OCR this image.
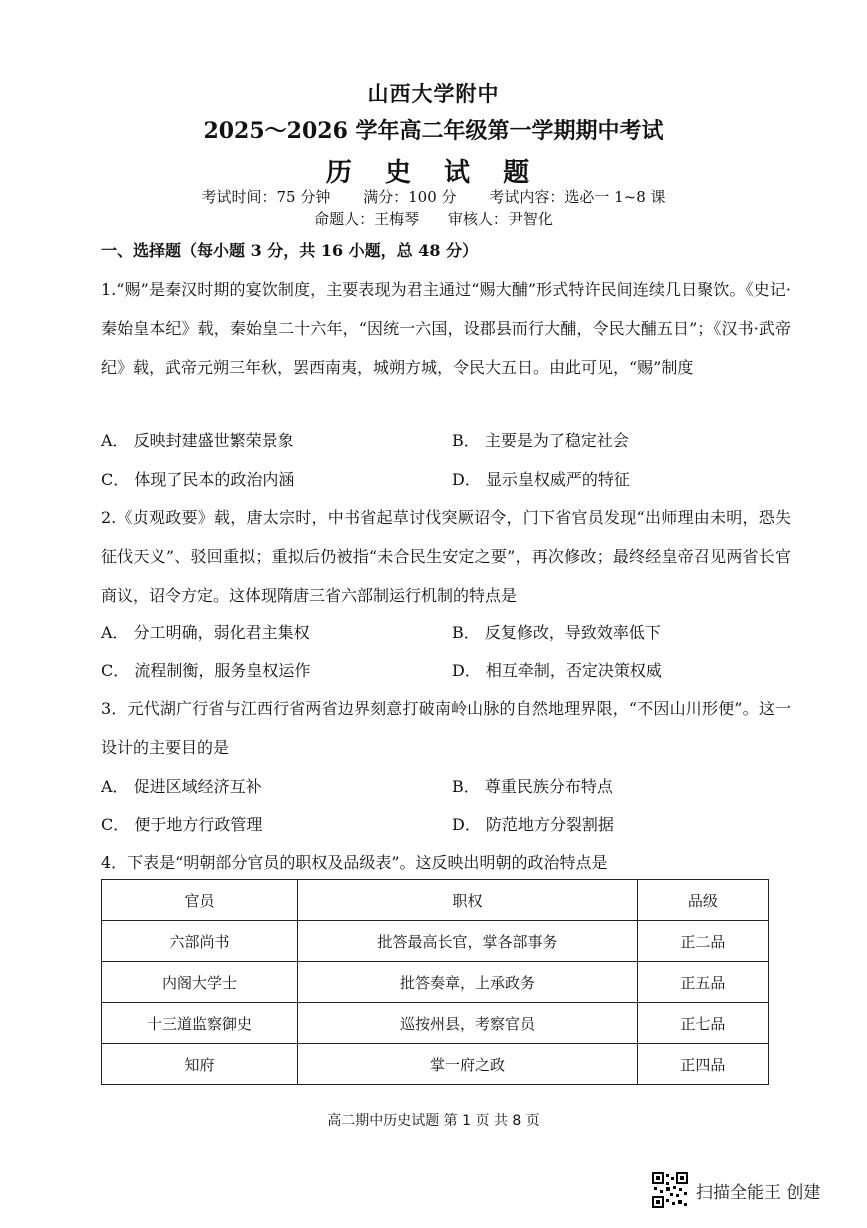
山西大学附中
2025～2026 学年高二年级第一学期期中考试
历 史 试 题
考试时间：75 分钟 满分：100 分 考试内容：选必一 1~8 课
命题人：王梅琴 审核人：尹智化
一、选择题（每小题 3 分，共 16 小题，总 48 分）
1.“赐”是秦汉时期的宴饮制度，主要表现为君主通过“赐大酺”形式特许民间连续几日聚饮。《史记·秦始皇本纪》载，秦始皇二十六年，“因统一六国，设郡县而行大酺，令民大酺五日”；《汉书·武帝纪》载，武帝元朔三年秋，罢西南夷，城朔方城，令民大五日。由此可见，“赐”制度
A． 反映封建盛世繁荣景象	B． 主要是为了稳定社会
C． 体现了民本的政治内涵	D． 显示皇权威严的特征
2.《贞观政要》载，唐太宗时，中书省起草讨伐突厥诏令，门下省官员发现“出师理由未明，恐失征伐天义”、驳回重拟；重拟后仍被指“未合民生安定之要”，再次修改；最终经皇帝召见两省长官商议，诏令方定。这体现隋唐三省六部制运行机制的特点是
A． 分工明确，弱化君主集权	B． 反复修改，导致效率低下
C． 流程制衡，服务皇权运作	D． 相互牵制，否定决策权威
3．元代湖广行省与江西行省两省边界刻意打破南岭山脉的自然地理界限，“不因山川形便”。这一设计的主要目的是
A． 促进区域经济互补	B． 尊重民族分布特点
C． 便于地方行政管理	D． 防范地方分裂割据
4．下表是“明朝部分官员的职权及品级表”。这反映出明朝的政治特点是
官员	职权	品级
六部尚书	批答最高长官，掌各部事务	正二品
内阁大学士	批答奏章，上承政务	正五品
十三道监察御史	巡按州县，考察官员	正七品
知府	掌一府之政	正四品
高二期中历史试题 第 1 页 共 8 页
扫描全能王 创建
